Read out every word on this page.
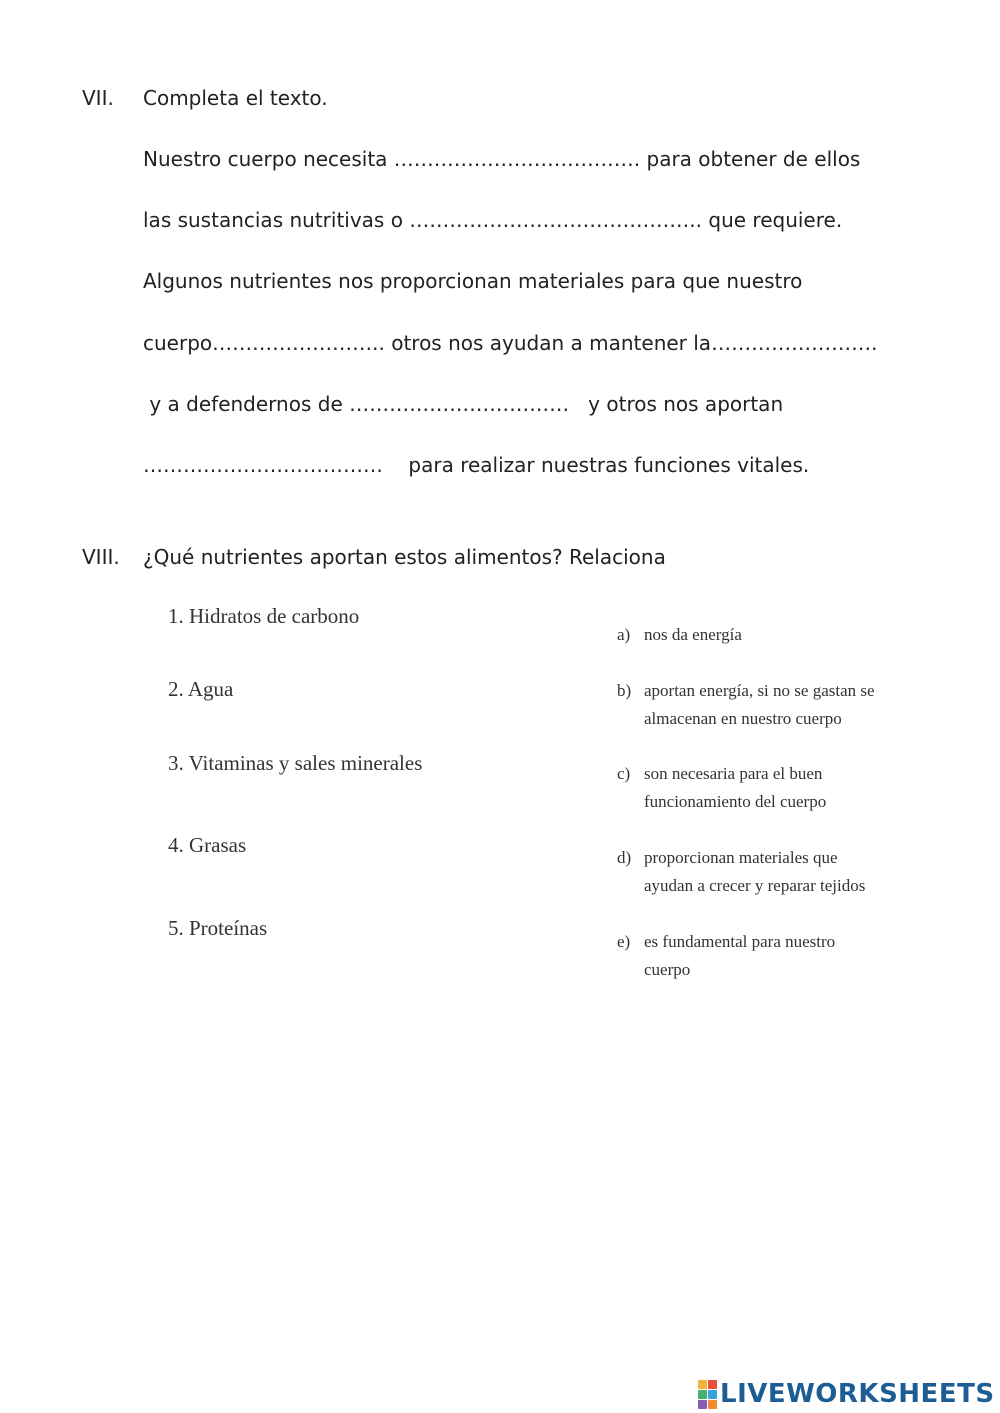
VII. Completa el texto.
Nuestro cuerpo necesita ………………………………. para obtener de ellos
las sustancias nutritivas o …………………………………….. que requiere.
Algunos nutrientes nos proporcionan materiales para que nuestro
cuerpo…………………….. otros nos ayudan a mantener la…………………….
y a defendernos de ……………………………   y otros nos aportan
………………………………    para realizar nuestras funciones vitales.
VIII. ¿Qué nutrientes aportan estos alimentos? Relaciona
1. Hidratos de carbono
2. Agua
3. Vitaminas y sales minerales
4. Grasas
5. Proteínas
a) nos da energía
b) aportan energía, si no se gastan se
almacenan en nuestro cuerpo
c) son necesaria para el buen
funcionamiento del cuerpo
d) proporcionan materiales que
ayudan a crecer y reparar tejidos
e) es fundamental para nuestro
cuerpo
LIVEWORKSHEETS
